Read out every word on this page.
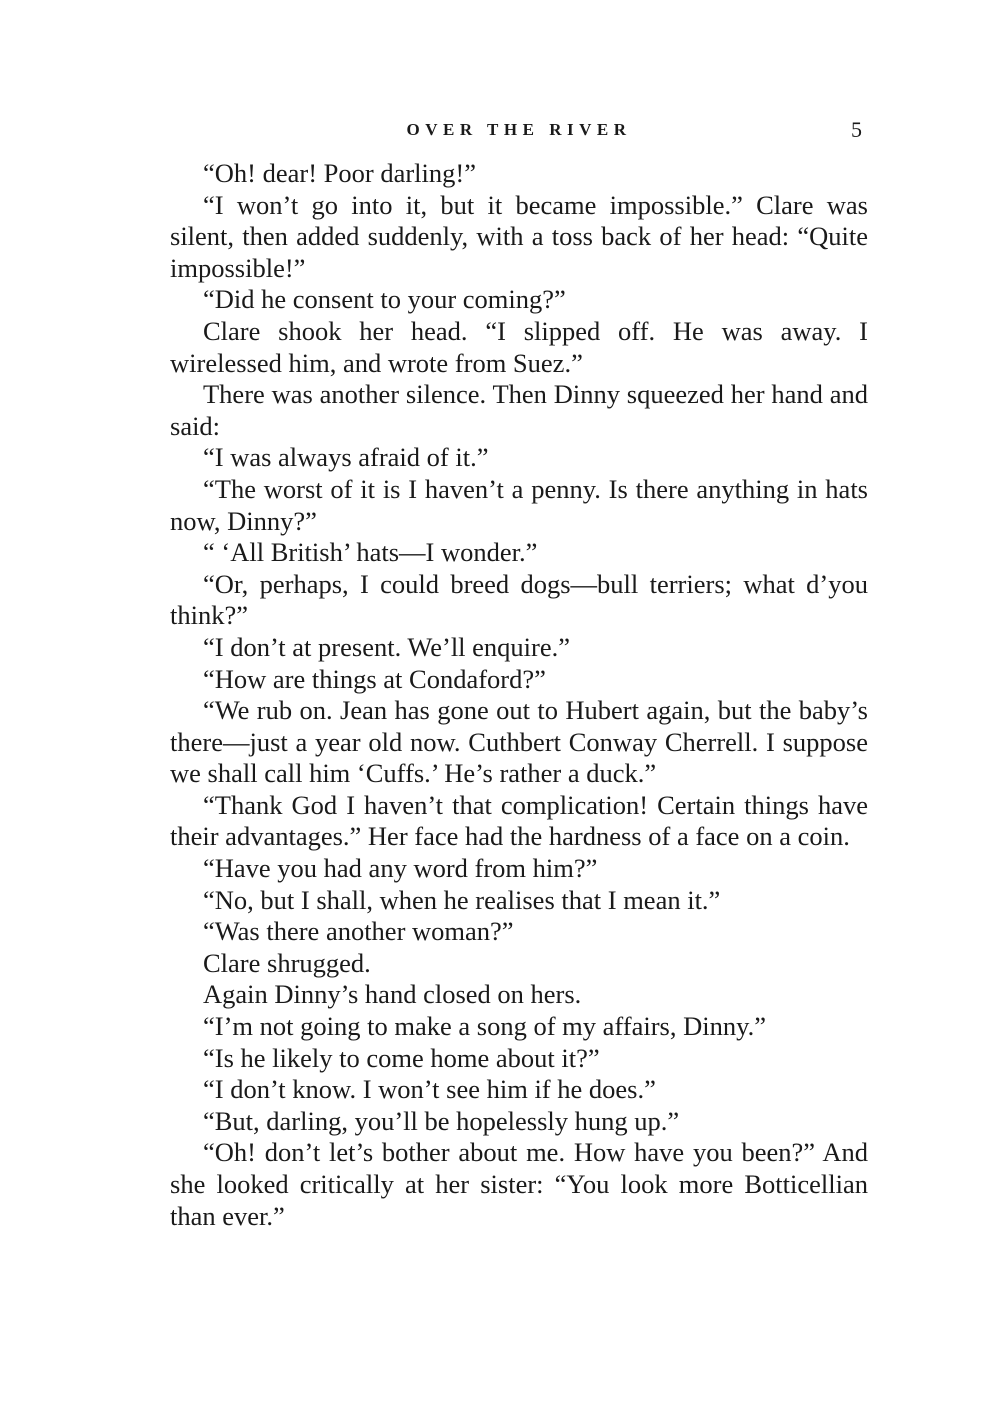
OVER THE RIVER	5

“Oh! dear! Poor darling!”

“I won’t go into it, but it became impossible.” Clare was silent, then added suddenly, with a toss back of her head: “Quite impossible!”

“Did he consent to your coming?”

Clare shook her head. “I slipped off. He was away. I wirelessed him, and wrote from Suez.”

There was another silence. Then Dinny squeezed her hand and said:

“I was always afraid of it.”

“The worst of it is I haven’t a penny. Is there anything in hats now, Dinny?”

“ ‘All British’ hats—I wonder.”

“Or, perhaps, I could breed dogs—bull terriers; what d’you think?”

“I don’t at present. We’ll enquire.”

“How are things at Condaford?”

“We rub on. Jean has gone out to Hubert again, but the baby’s there—just a year old now. Cuthbert Conway Cherrell. I suppose we shall call him ‘Cuffs.’ He’s rather a duck.”

“Thank God I haven’t that complication! Certain things have their advantages.” Her face had the hardness of a face on a coin.

“Have you had any word from him?”

“No, but I shall, when he realises that I mean it.”

“Was there another woman?”

Clare shrugged.

Again Dinny’s hand closed on hers.

“I’m not going to make a song of my affairs, Dinny.”

“Is he likely to come home about it?”

“I don’t know. I won’t see him if he does.”

“But, darling, you’ll be hopelessly hung up.”

“Oh! don’t let’s bother about me. How have you been?” And she looked critically at her sister: “You look more Botticellian than ever.”
